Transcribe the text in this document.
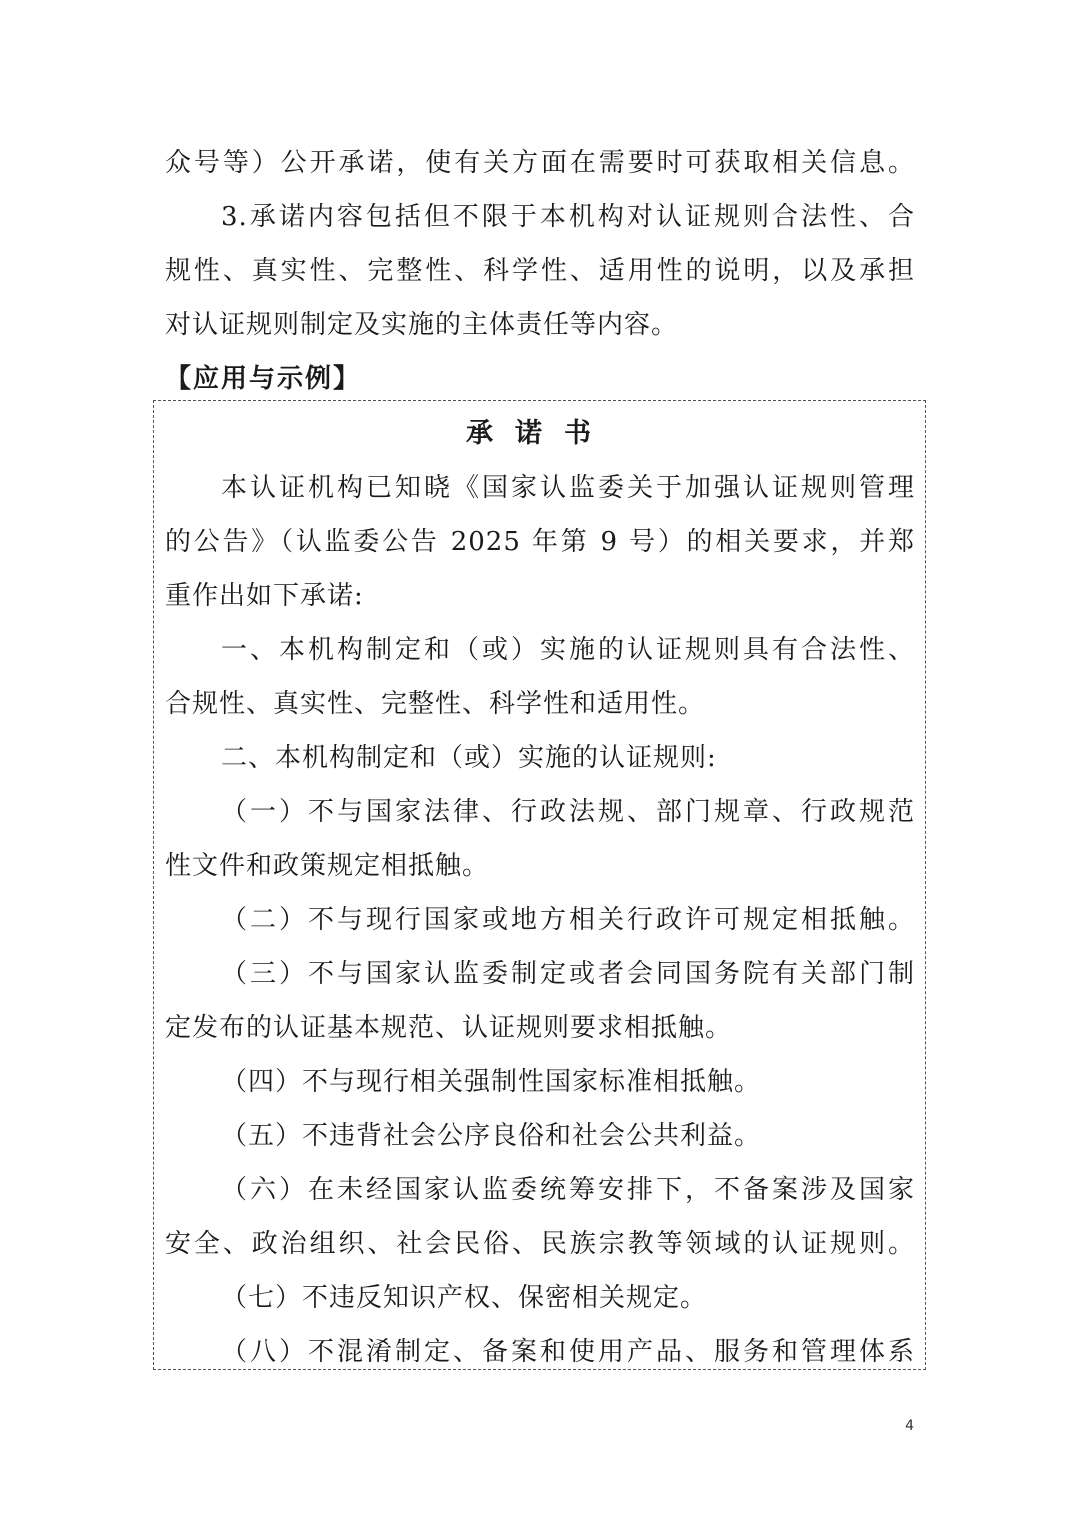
众号等）公开承诺，使有关方面在需要时可获取相关信息。
3.承诺内容包括但不限于本机构对认证规则合法性、合
规性、真实性、完整性、科学性、适用性的说明，以及承担
对认证规则制定及实施的主体责任等内容。
【应用与示例】
承诺书
本认证机构已知晓《国家认监委关于加强认证规则管理
的公告》（认监委公告 2025 年第 9 号）的相关要求，并郑
重作出如下承诺:
一、本机构制定和（或）实施的认证规则具有合法性、
合规性、真实性、完整性、科学性和适用性。
二、本机构制定和（或）实施的认证规则:
（一）不与国家法律、行政法规、部门规章、行政规范
性文件和政策规定相抵触。
（二）不与现行国家或地方相关行政许可规定相抵触。
（三）不与国家认监委制定或者会同国务院有关部门制
定发布的认证基本规范、认证规则要求相抵触。
（四）不与现行相关强制性国家标准相抵触。
（五）不违背社会公序良俗和社会公共利益。
（六）在未经国家认监委统筹安排下，不备案涉及国家
安全、政治组织、社会民俗、民族宗教等领域的认证规则。
（七）不违反知识产权、保密相关规定。
（八）不混淆制定、备案和使用产品、服务和管理体系
4
